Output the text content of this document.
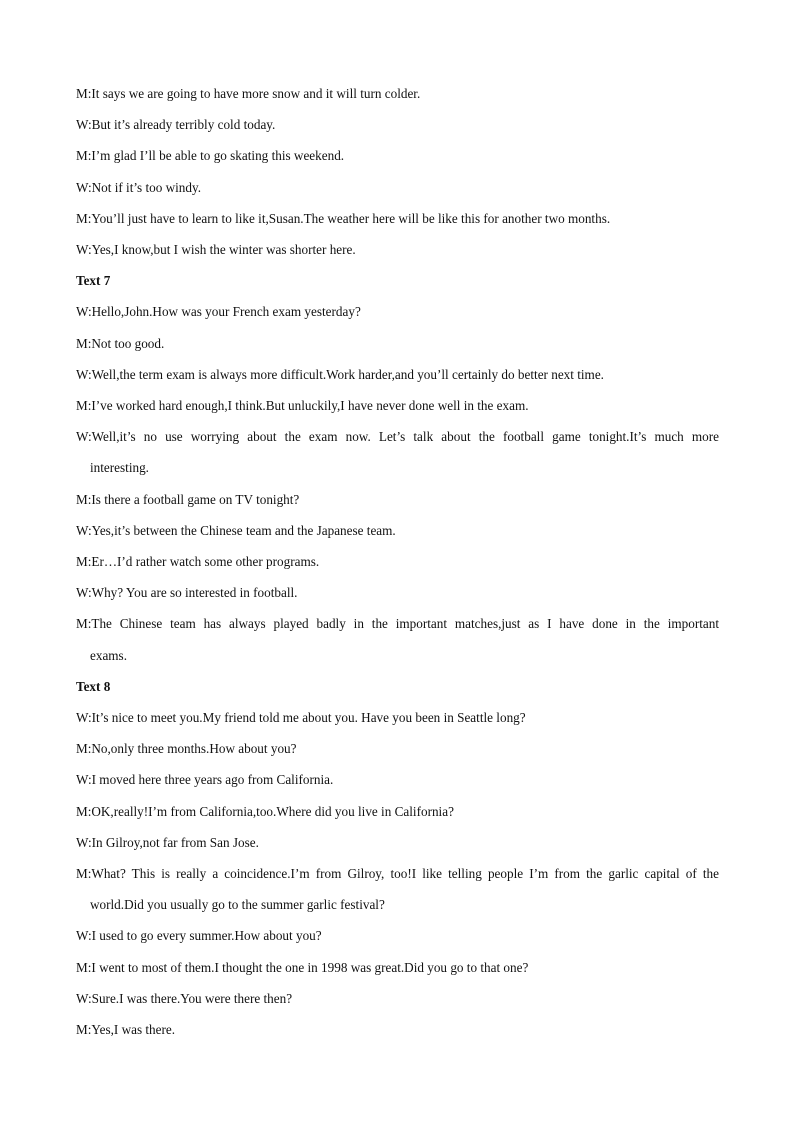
M:It says we are going to have more snow and it will turn colder.

W:But it’s already terribly cold today.

M:I’m glad I’ll be able to go skating this weekend.

W:Not if it’s too windy.

M:You’ll just have to learn to like it,Susan.The weather here will be like this for another two months.

W:Yes,I know,but I wish the winter was shorter here.

Text 7

W:Hello,John.How was your French exam yesterday?

M:Not too good.

W:Well,the term exam is always more difficult.Work harder,and you’ll certainly do better next time.

M:I’ve worked hard enough,I think.But unluckily,I have never done well in the exam.

W:Well,it’s no use worrying about the exam now. Let’s talk about the football game tonight.It’s much more
interesting.

M:Is there a football game on TV tonight?

W:Yes,it’s between the Chinese team and the Japanese team.

M:Er…I’d rather watch some other programs.

W:Why? You are so interested in football.

M:The Chinese team has always played badly in the important matches,just as I have done in the important
exams.

Text 8

W:It’s nice to meet you.My friend told me about you. Have you been in Seattle long?

M:No,only three months.How about you?

W:I moved here three years ago from California.

M:OK,really!I’m from California,too.Where did you live in California?

W:In Gilroy,not far from San Jose.

M:What? This is really a coincidence.I’m from Gilroy, too!I like telling people I’m from the garlic capital of the
world.Did you usually go to the summer garlic festival?

W:I used to go every summer.How about you?

M:I went to most of them.I thought the one in 1998 was great.Did you go to that one?

W:Sure.I was there.You were there then?

M:Yes,I was there.
